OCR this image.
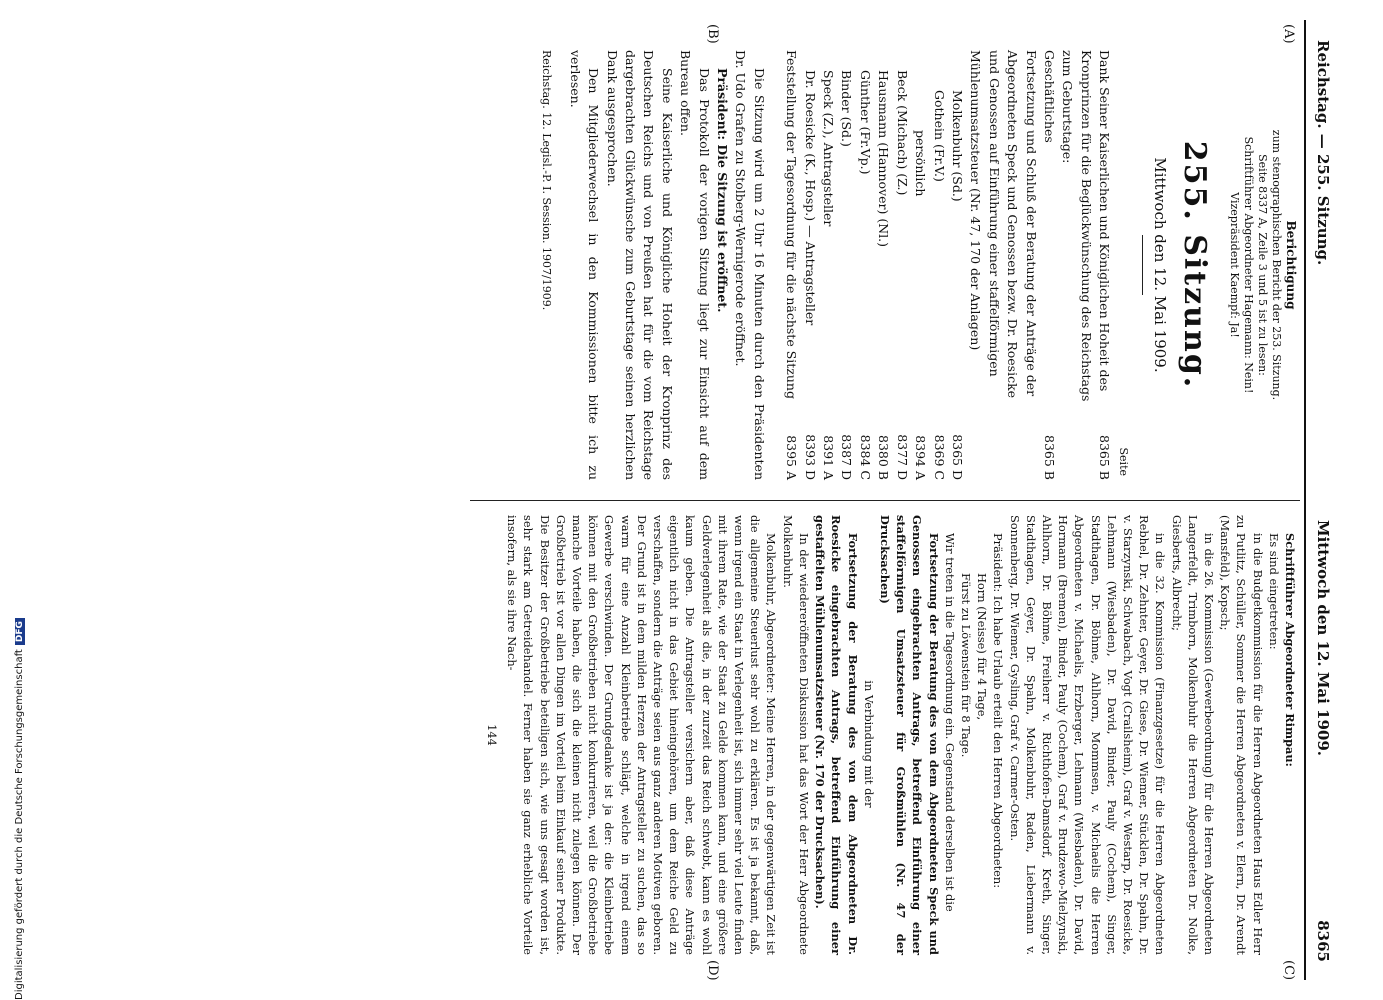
Reichstag. — 255. Sitzung.
Mittwoch den 12. Mai 1909.
8365
(A)
(B)
(C)
(D)
Berichtigung
zum stenographischen Bericht der 253. Sitzung.
Seite 8337 A, Zeile 3 und 5 ist zu lesen:
Schriftführer Abgeordneter Hagemann: Nein!
Vizepräsident Kaempf: Ja!
255. Sitzung.
Mittwoch den 12. Mai 1909.
Seite
Dank Seiner Kaiserlichen und Königlichen Hoheit des Kronprinzen für die Beglückwünschung des Reichstags zum Geburtstage:
8365 B
Geschäftliches
8365 B
Fortsetzung und Schluß der Beratung der Anträge der Abgeordneten Speck und Genossen bezw. Dr. Roesicke und Genossen auf Einführung einer staffelförmigen Mühlenumsatzsteuer (Nr. 47, 170 der Anlagen)
Molkenbuhr (Sd.)
8365 D
Gothein (Fr.V.)
8369 C
persönlich
8394 A
Beck (Michach) (Z.)
8377 D
Hausmann (Hannover) (Nl.)
8380 B
Günther (Fr.Vp.)
8384 C
Binder (Sd.)
8387 D
Speck (Z.), Antragsteller
8391 A
Dr. Roesicke (K., Hosp.) — Antragsteller
8393 D
Feststellung der Tagesordnung für die nächste Sitzung
8395 A

Die Sitzung wird um 2 Uhr 16 Minuten durch den Präsidenten Dr. Udo Grafen zu Stolberg-Wernigerode eröffnet.

Präsident: Die Sitzung ist eröffnet.

Das Protokoll der vorigen Sitzung liegt zur Einsicht auf dem Bureau offen.

Seine Kaiserliche und Königliche Hoheit der Kronprinz des Deutschen Reichs und von Preußen hat für die vom Reichstage dargebrachten Glückwünsche zum Geburtstage seinen herzlichen Dank ausgesprochen.

Den Mitgliederwechsel in den Kommissionen bitte ich zu verlesen.

Reichstag. 12. Legisl.-P. I. Session. 1907/1909.

Schriftführer Abgeordneter Rimpau:

Es sind eingetreten:

in die Budgetkommission für die Herren Abgeordneten Haus Edler Herr zu Putlitz, Schüller, Sommer die Herren Abgeordneten v. Elern, Dr. Arendt (Mansfeld), Kopsch;

in die 26. Kommission (Gewerbeordnung) für die Herren Abgeordneten Langerfeldt, Trimborn, Molkenbuhr die Herren Abgeordneten Dr. Nolke, Giesberts, Albrecht;

in die 32. Kommission (Finanzgesetze) für die Herren Abgeordneten Rebhel, Dr. Zehnter, Geyer, Dr. Giese, Dr. Wiemer, Stücklen, Dr. Spahn, Dr. v. Starzynski, Schwabach, Vogt (Crailsheim), Graf v. Westarp, Dr. Roesicke, Lehmann (Wiesbaden), Dr. David, Binder, Pauly (Cochem), Singer, Stadthagen, Dr. Böhme, Ahlhorn, Mommsen, v. Michaelis die Herren Abgeordneten v. Michaelis, Erzberger, Lehmann (Wiesbaden), Dr. David, Hormann (Bremen), Binder, Pauly (Cochem), Graf v. Brudzewo-Mielzynski, Ahlhorn, Dr. Böhme, Freiherr v. Richthofen-Damsdorf, Kreth, Singer, Stadthagen, Geyer, Dr. Spahn, Molkenbuhr, Raden, Liebermann v. Sonnenberg, Dr. Wiemer, Gysling, Graf v. Carmer-Osten.

Präsident: Ich habe Urlaub erteilt den Herren Abgeordneten:

Horn (Neisse) für 4 Tage,

Fürst zu Löwenstein für 8 Tage.

Wir treten in die Tagesordnung ein. Gegenstand derselben ist die

Fortsetzung der Beratung des von dem Abgeordneten Speck und Genossen eingebrachten Antrags, betreffend Einführung einer staffelförmigen Umsatzsteuer für Großmühlen (Nr. 47 der Drucksachen)

in Verbindung mit der

Fortsetzung der Beratung des von dem Abgeordneten Dr. Roesicke eingebrachten Antrags, betreffend Einführung einer gestaffelten Mühlenumsatzsteuer (Nr. 170 der Drucksachen).

In der wiedereröffneten Diskussion hat das Wort der Herr Abgeordnete Molkenbuhr.

Molkenbuhr, Abgeordneter: Meine Herren, in der gegenwärtigen Zeit ist die allgemeine Steuerlust sehr wohl zu erklären. Es ist ja bekannt, daß, wenn irgend ein Staat in Verlegenheit ist, sich immer sehr viel Leute finden mit ihrem Rate, wie der Staat zu Gelde kommen kann, und eine größere Geldverlegenheit als die, in der zurzeit das Reich schwebt, kann es wohl kaum geben. Die Antragsteller versichern aber, daß diese Anträge eigentlich nicht in das Gebiet hineingehören, um dem Reiche Geld zu verschaffen, sondern die Anträge seien aus ganz anderen Motiven geboren. Der Grund ist in dem milden Herzen der Antragsteller zu suchen, das so warm für eine Anzahl Kleinbetriebe schlägt, welche in irgend einem Gewerbe verschwinden. Der Grundgedanke ist ja der: die Kleinbetriebe können mit den Großbetrieben nicht konkurrieren, weil die Großbetriebe manche Vorteile haben, die sich die kleinen nicht zulegen können. Der Großbetrieb ist vor allen Dingen im Vorteil beim Einkauf seiner Produkte. Die Besitzer der Großbetriebe beteiligen sich, wie uns gesagt worden ist, sehr stark am Getreidehandel. Ferner haben sie ganz erhebliche Vorteile insofern, als sie ihre Nach-

144
Digitalisierung gefördert durch die Deutsche ForschungsgemeinschaftDFG
